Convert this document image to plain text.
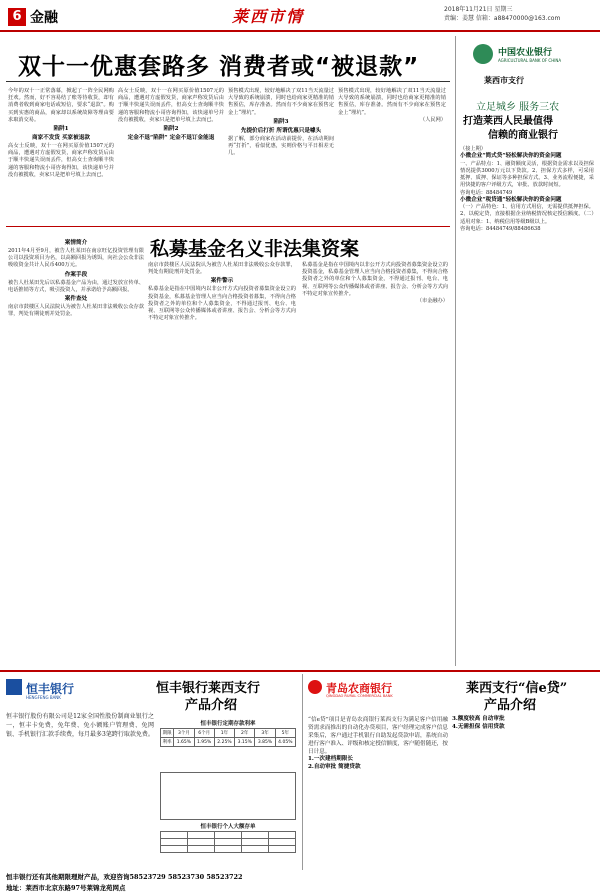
6 金融	莱西市情	2018年11月21日 星期三
责编：姜慧 信箱：a88470000@163.com
双十一优惠套路多 消费者或“被退款”

今年的双十一正常落幕，掀起了一阵全民网购狂欢。然而，好不容易结了账等待收货，却有消费者收到商家电话或短信，要求“退款”。购买到实惠的商品，商家却以系统故障等理由要求取消交易。

陷阱1

商家不发货 买家被退款

高女士反映，双十一在网买原价值1507元的商品，遭遇对方虚假发货，商家声称发货后由于顺丰快递失误而丢件，但高女士查询顺丰快递的客服和物流小哥咨询得知，该快递单号并没有被揽收，卖家只是把单号填上去而已。

高女士反映，双十一在网买原价值1507元的商品，遭遇对方虚假发货，商家声称发货后由于顺丰快递失误而丢件，但高女士查询顺丰快递的客服和物流小哥咨询得知，该快递单号并没有被揽收，卖家只是把单号填上去而已。

陷阱2

定金不退“陷阱” 定金不退订金能退

预售模式出现，较好地解决了双11当天流量过大导致的系统崩溃，同时也给商家更精准的销售预估，库存准备。然而有不少商家在预售定金上“埋坑”。

陷阱3

先提价后打折 所谓优惠只是噱头

据了解，部分商家在活动前提价，在活动期间再“打折”，看似优惠，实则价格与平日相差无几。

预售模式出现，较好地解决了双11当天流量过大导致的系统崩溃，同时也给商家更精准的销售预估，库存准备。然而有不少商家在预售定金上“埋坑”。

（人民网）

私募基金名义非法集资案

案情简介

2011年4月至9月，被告人杜某田在南京旺亿投资管理有限公司以投资项目为名，以高额回报为诱饵，向社会公众非法吸收资金共计人民币400万元。

作案手段

被告人杜某田先后以私募基金产品为由，通过发放宣传单、电话推销等方式，吸引投资人，并承诺给予高额回报。

案件查处

南京市鼓楼区人民法院认为被告人杜某田非法吸收公众存款罪，判处有期徒刑并处罚金。

南京市鼓楼区人民法院认为被告人杜某田非法吸收公众存款罪，判处有期徒刑并处罚金。

案件警示

私募基金是指在中国境内以非公开方式向投资者募集资金设立的投资基金，私募基金管理人应当向合格投资者募集，不得向合格投资者之外的单位和个人募集资金，不得通过报刊、电台、电视、互联网等公众传播媒体或者讲座、报告会、分析会等方式向不特定对象宣传推介。

私募基金是指在中国境内以非公开方式向投资者募集资金设立的投资基金，私募基金管理人应当向合格投资者募集，不得向合格投资者之外的单位和个人募集资金，不得通过报刊、电台、电视、互联网等公众传播媒体或者讲座、报告会、分析会等方式向不特定对象宣传推介。

（市金融办）

中国农业银行
AGRICULTURAL BANK OF CHINA
莱西市支行
立足城乡 服务三农
打造莱西人民最值得
信赖的商业银行

（接上期）

小微企业“简式贷”轻松解决你的资金问题

一、产品特点：1、融资额度灵活，根据资金需求以及担保情况提供3000万元以下贷款。2、担保方式多样，可采用抵押、质押、保证等多种担保方式。3、业务流程便捷，采用快捷的客户评级方式，审批、放款时间短。

咨询电话：88484749

小微企业“税贷通”轻松解决你的资金问题

（一）产品特色：1、信用方式用信，无需提供抵押担保。2、以税定贷，直接根据企业纳税情况核定授信额度。（二）适用对象：1、纳税信用等级B级以上。

咨询电话：84484749/88486638

恒丰银行
HENGFENG BANK
恒丰银行莱西支行
产品介绍

恒丰银行股份有限公司是12家全国性股份制商业银行之一，恒丰卡免费，免年费、免小额账户管理费、免网银、手机银行汇款手续费，每月最多3笔跨行取款免费。

恒丰银行定期存款利率
期限	3个月	6个月	1年	2年	3年	5年
利率	1.65%	1.95%	2.25%	3.15%	3.85%	4.05%
恒丰银行个人大额存单

恒丰银行还有其他期限理财产品，欢迎咨询58523729 58523730 58523722
地址：莱西市北京东路97号莱锦龙苑网点
青岛农商银行
QINGDAO RURAL COMMERCIAL BANK	莱西支行“信e贷”
产品介绍

“信e贷”项目是青岛农商银行莱西支行为满足客户信用融资需求而推出的自动化办贷项目，客户经理完成客户信息采集后，客户通过手机银行自助发起贷款申请，系统自动进行客户准入、评级和核定授信额度，客户随借随还，按日计息。

1.一次建档期限长

2.自动审批 简捷贷款

3.额度较高 自动审批

4.无需担保 信用贷款
